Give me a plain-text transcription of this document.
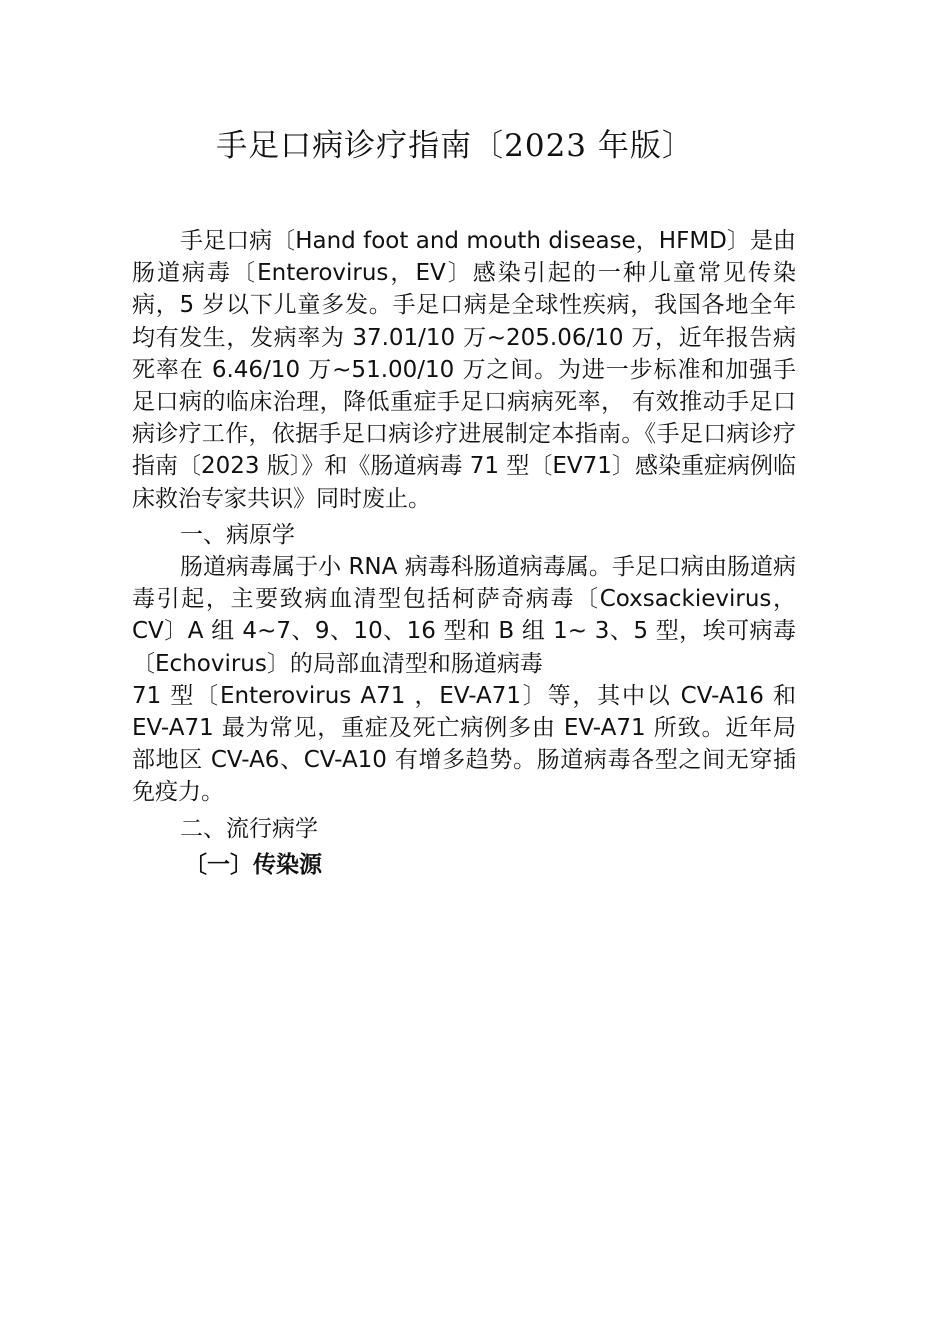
手足口病诊疗指南〔2023 年版〕

手足口病〔Hand foot and mouth disease，HFMD〕是由肠道病毒〔Enterovirus，EV〕感染引起的一种儿童常见传染病，5 岁以下儿童多发。手足口病是全球性疾病，我国各地全年均有发生，发病率为 37.01/10 万~205.06/10 万，近年报告病死率在 6.46/10 万~51.00/10 万之间。为进一步标准和加强手足口病的临床治理，降低重症手足口病病死率， 有效推动手足口病诊疗工作，依据手足口病诊疗进展制定本指南。《手足口病诊疗指南〔2023 版〕》和《肠道病毒 71 型〔EV71〕感染重症病例临床救治专家共识》同时废止。

一、病原学

肠道病毒属于小 RNA 病毒科肠道病毒属。手足口病由肠道病毒引起，主要致病血清型包括柯萨奇病毒〔Coxsackievirus，CV〕A 组 4~7、9、10、16 型和 B 组 1~ 3、5 型，埃可病毒〔Echovirus〕的局部血清型和肠道病毒

71 型〔Enterovirus A71 ，EV-A71〕等，其中以 CV-A16 和 EV-A71 最为常见，重症及死亡病例多由 EV-A71 所致。近年局部地区 CV-A6、CV-A10 有增多趋势。肠道病毒各型之间无穿插免疫力。

二、流行病学

〔一〕传染源
